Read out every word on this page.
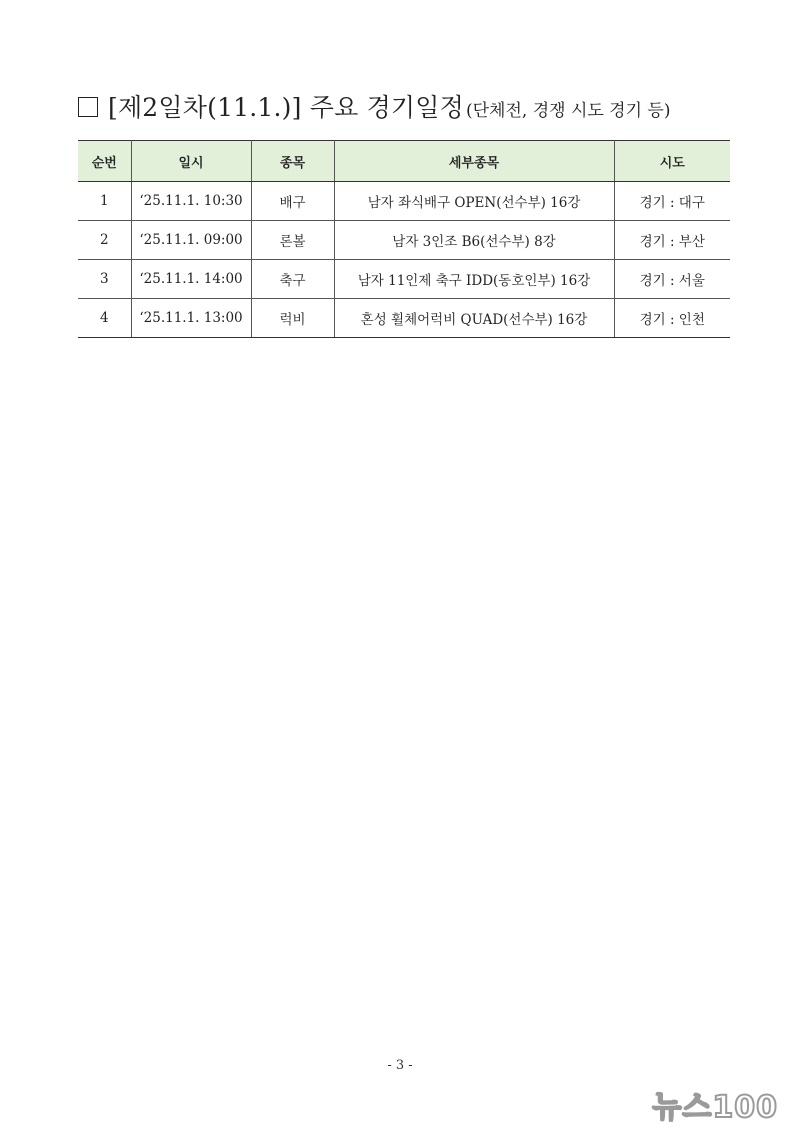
[제2일차(11.1.)] 주요 경기일정 (단체전, 경쟁 시도 경기 등)
순번	일시	종목	세부종목	시도
1	‘25.11.1. 10:30	배구	남자 좌식배구 OPEN(선수부) 16강	경기 : 대구
2	‘25.11.1. 09:00	론볼	남자 3인조 B6(선수부) 8강	경기 : 부산
3	‘25.11.1. 14:00	축구	남자 11인제 축구 IDD(동호인부) 16강	경기 : 서울
4	‘25.11.1. 13:00	럭비	혼성 휠체어럭비 QUAD(선수부) 16강	경기 : 인천
- 3 -
뉴스100
